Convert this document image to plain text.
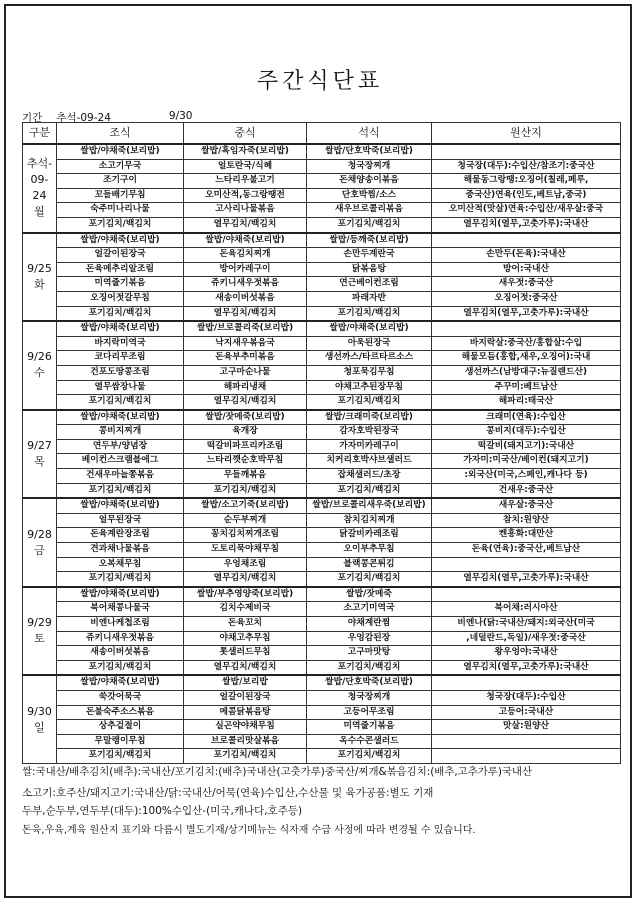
주간식단표
기간 추석-09-24	9/30
구분	조식	중식	석식	원산지
추석-
09-
24
월	쌀밥/야채죽(보리밥)	쌀밥/흑임자죽(보리밥)	쌀밥/단호박죽(보리밥)	
	소고기무국	얼토란국/식혜	청국장찌개	청국장(대두):수입산/참조기:중국산
	조기구이	느타리우불고기	돈채양송이볶음	해물동그랑땡:오징어(칠레,페루,
	꼬들배기무침	오미산적,동그랑땡전	단호박찜/소스	중국산)연육(인도,베트남,중국)
	숙주미나리나물	고사리나물볶음	새우브로콜리볶음	오미산적(맛살)연육:수입산/새우살:중국
	포기김치/백김치	열무김치/백김치	포기김치/백김치	열무김치(열무,고춧가루):국내산
9/25
화	쌀밥/야채죽(보리밥)	쌀밥/야채죽(보리밥)	쌀밥/등깨죽(보리밥)	
	얼갈이된장국	돈육김치찌개	손만두계란국	손만두(돈육):국내산
	돈육메추리알조림	방어카레구이	닭볶음탕	방어:국내산
	미역줄기볶음	쥬키니새우젓볶음	연근베이컨조림	새우젓:중국산
	오징어젓갈무침	새송이버섯볶음	파래자반	오징어젓:중국산
	포기김치/백김치	열무김치/백김치	포기김치/백김치	열무김치(열무,고춧가루):국내산
9/26
수	쌀밥/야채죽(보리밥)	쌀밥/브로콜리죽(보리밥)	쌀밥/야채죽(보리밥)	
	바지락미역국	낙지새우볶음국	아욱된장국	바지락살:중국산/홍합살:수입
	코다리무조림	돈육부추미볶음	생선까스/타르타르소스	해물모듬(홍합,새우,오징어):국내
	건포도땅콩조림	고구마순나물	청포묵김무침	생선까스(남방대구:뉴질랜드산)
	열무쌈장나물	해파리냉채	야채고추된장무침	주꾸미:베트남산
	포기김치/백김치	열무김치/백김치	포기김치/백김치	해파리:태국산
9/27
목	쌀밥/야채죽(보리밥)	쌀밥/잣메죽(보리밥)	쌀밥/크래미죽(보리밥)	크래미(연육):수입산
	콩비지찌개	육개장	감자호박된장국	콩비지(대두):수입산
	연두부/양념장	떡갈비파프리카조림	가자미카레구이	떡갈비(돼지고기):국내산
	베이컨스크램블에그	느타리깻순호박무침	치커리호박샤브샐러드	가자미:미국산/베이컨(돼지고기)
	건새우마늘쫑볶음	무들깨볶음	잡채샐러드/초장	:외국산(미국,스페인,캐나다 등)
	포기김치/백김치	포기김치/백김치	포기김치/백김치	건새우:중국산
9/28
금	쌀밥/야채죽(보리밥)	쌀밥/소고기죽(보리밥)	쌀밥/브로콜리새우죽(보리밥)	새우살:중국산
	얼무된장국	순두부찌개	참치김치찌개	참치:원양산
	돈육계란장조림	꽁치김치찌개조림	닭갈비카레조림	켄흥화:대만산
	견과채나물볶음	도토리묵야채무침	오이부추무침	돈육(연육):중국산,베트남산
	오복채무침	우엉채조림	블랙콩콘튀김	
	포기김치/백김치	열무김치/백김치	포기김치/백김치	열무김치(열무,고춧가루):국내산
9/29
토	쌀밥/야채죽(보리밥)	쌀밥/부추영양죽(보리밥)	쌀밥/잣메죽	
	북어채콩나물국	김치수제비국	소고기미역국	북어채:러시아산
	비엔나케첩조림	돈육꼬치	야채계란찜	비엔나(닭:국내산/돼지:외국산(미국
	쥬키니새우젓볶음	야채고추무침	우엉감된장	,네덜란드,독일)/새우젓:중국산
	새송이버섯볶음	톳샐러드무침	고구마맛탕	왕우엉야:국내산
	포기김치/백김치	열무김치/백김치	포기김치/백김치	열무김치(열무,고춧가루):국내산
9/30
일	쌀밥/야채죽(보리밥)	쌀밥/보리밥	쌀밥/단호박죽(보리밥)	
	쑥갓어묵국	얼갈이된장국	청국장찌개	청국장(대두):수입산
	돈불숙주소스볶음	메콤닭볶음탕	고등어무조림	고등어:국내산
	상추겉절이	실곤약야채무침	미역줄기볶음	맛살:원양산
	무말랭이무침	브로콜리맛살볶음	옥수수콘샐러드	
	포기김치/백김치	포기김치/백김치	포기김치/백김치	
쌀:국내산/배추김치(배추):국내산/포기김치:(배추)국내산(고춧가루)중국산/찌개&볶음김치:(배추,고추가루)국내산
소고기:호주산/돼지고기:국내산/닭:국내산/어묵(연육)수입산,수산물 및 육가공품:별도 기재
두부,순두부,연두부(대두):100%수입산-(미국,캐나다,호주등)
돈육,우육,계육 원산지 표기와 다름시 별도기재/상기메뉴는 식자재 수급 사정에 따라 변경될 수 있습니다.
